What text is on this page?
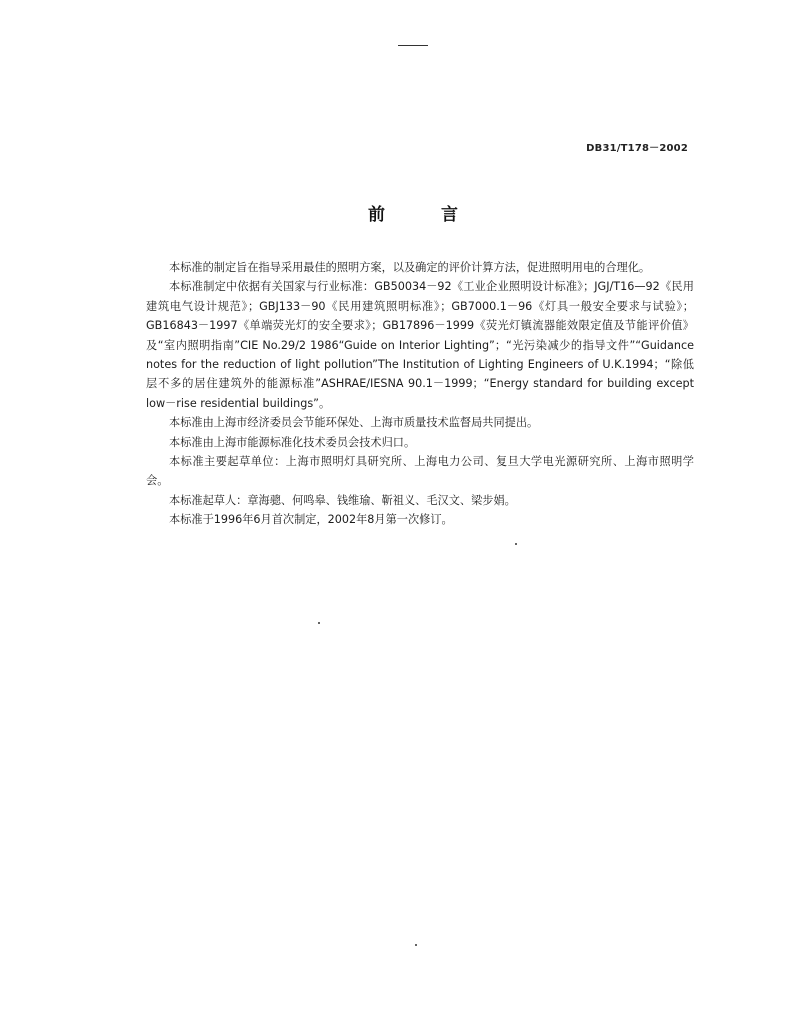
DB31/T178－2002
前言

本标准的制定旨在指导采用最佳的照明方案，以及确定的评价计算方法，促进照明用电的合理化。

本标准制定中依据有关国家与行业标准：GB50034－92《工业企业照明设计标准》；JGJ/T16—92《民用建筑电气设计规范》；GBJ133－90《民用建筑照明标准》；GB7000.1－96《灯具一般安全要求与试验》；GB16843－1997《单端荧光灯的安全要求》；GB17896－1999《荧光灯镇流器能效限定值及节能评价值》及“室内照明指南”CIE No.29/2 1986“Guide on Interior Lighting”；“光污染减少的指导文件”“Guidance notes for the reduction of light pollution”The Institution of Lighting Engineers of U.K.1994；“除低层不多的居住建筑外的能源标准”ASHRAE/IESNA 90.1－1999；“Energy standard for building except low－rise residential buildings”。

本标准由上海市经济委员会节能环保处、上海市质量技术监督局共同提出。

本标准由上海市能源标准化技术委员会技术归口。

本标准主要起草单位：上海市照明灯具研究所、上海电力公司、复旦大学电光源研究所、上海市照明学会。

本标准起草人：章海骢、何鸣皋、钱维瑜、靳祖义、毛汉文、梁步娟。

本标准于1996年6月首次制定，2002年8月第一次修订。
